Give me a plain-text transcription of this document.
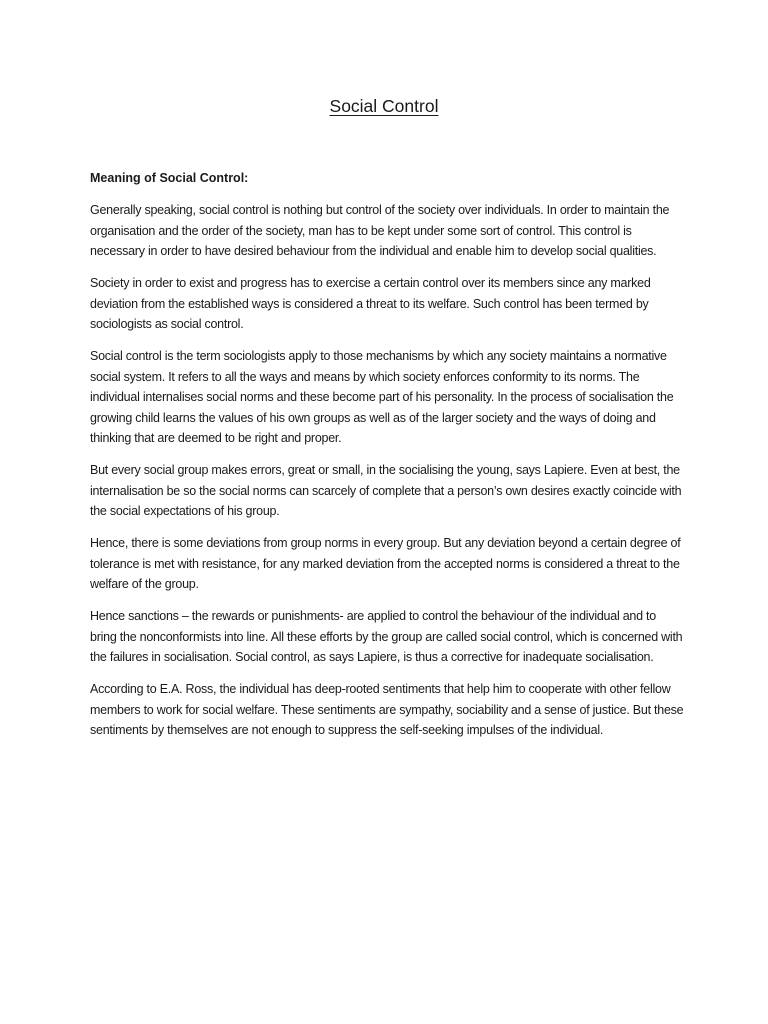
Social Control

Meaning of Social Control:

Generally speaking, social control is nothing but control of the society over individuals. In order to maintain the organisation and the order of the society, man has to be kept under some sort of control. This control is necessary in order to have desired behaviour from the individual and enable him to develop social qualities.

Society in order to exist and progress has to exercise a certain control over its members since any marked deviation from the established ways is considered a threat to its welfare. Such control has been termed by sociologists as social control.

Social control is the term sociologists apply to those mechanisms by which any society maintains a normative social system. It refers to all the ways and means by which society enforces conformity to its norms. The individual internalises social norms and these become part of his personality. In the process of socialisation the growing child learns the values of his own groups as well as of the larger society and the ways of doing and thinking that are deemed to be right and proper.

But every social group makes errors, great or small, in the socialising the young, says Lapiere. Even at best, the internalisation be so the social norms can scarcely of complete that a person’s own desires exactly coincide with the social expectations of his group.

Hence, there is some deviations from group norms in every group. But any deviation beyond a certain degree of tolerance is met with resistance, for any marked deviation from the accepted norms is considered a threat to the welfare of the group.

Hence sanctions – the rewards or punishments- are applied to control the behaviour of the individual and to bring the nonconformists into line. All these efforts by the group are called social control, which is concerned with the failures in socialisation. Social control, as says Lapiere, is thus a corrective for inadequate socialisation.

According to E.A. Ross, the individual has deep-rooted sentiments that help him to cooperate with other fellow members to work for social welfare. These sentiments are sympathy, sociability and a sense of justice. But these sentiments by themselves are not enough to suppress the self-seeking impulses of the individual.
